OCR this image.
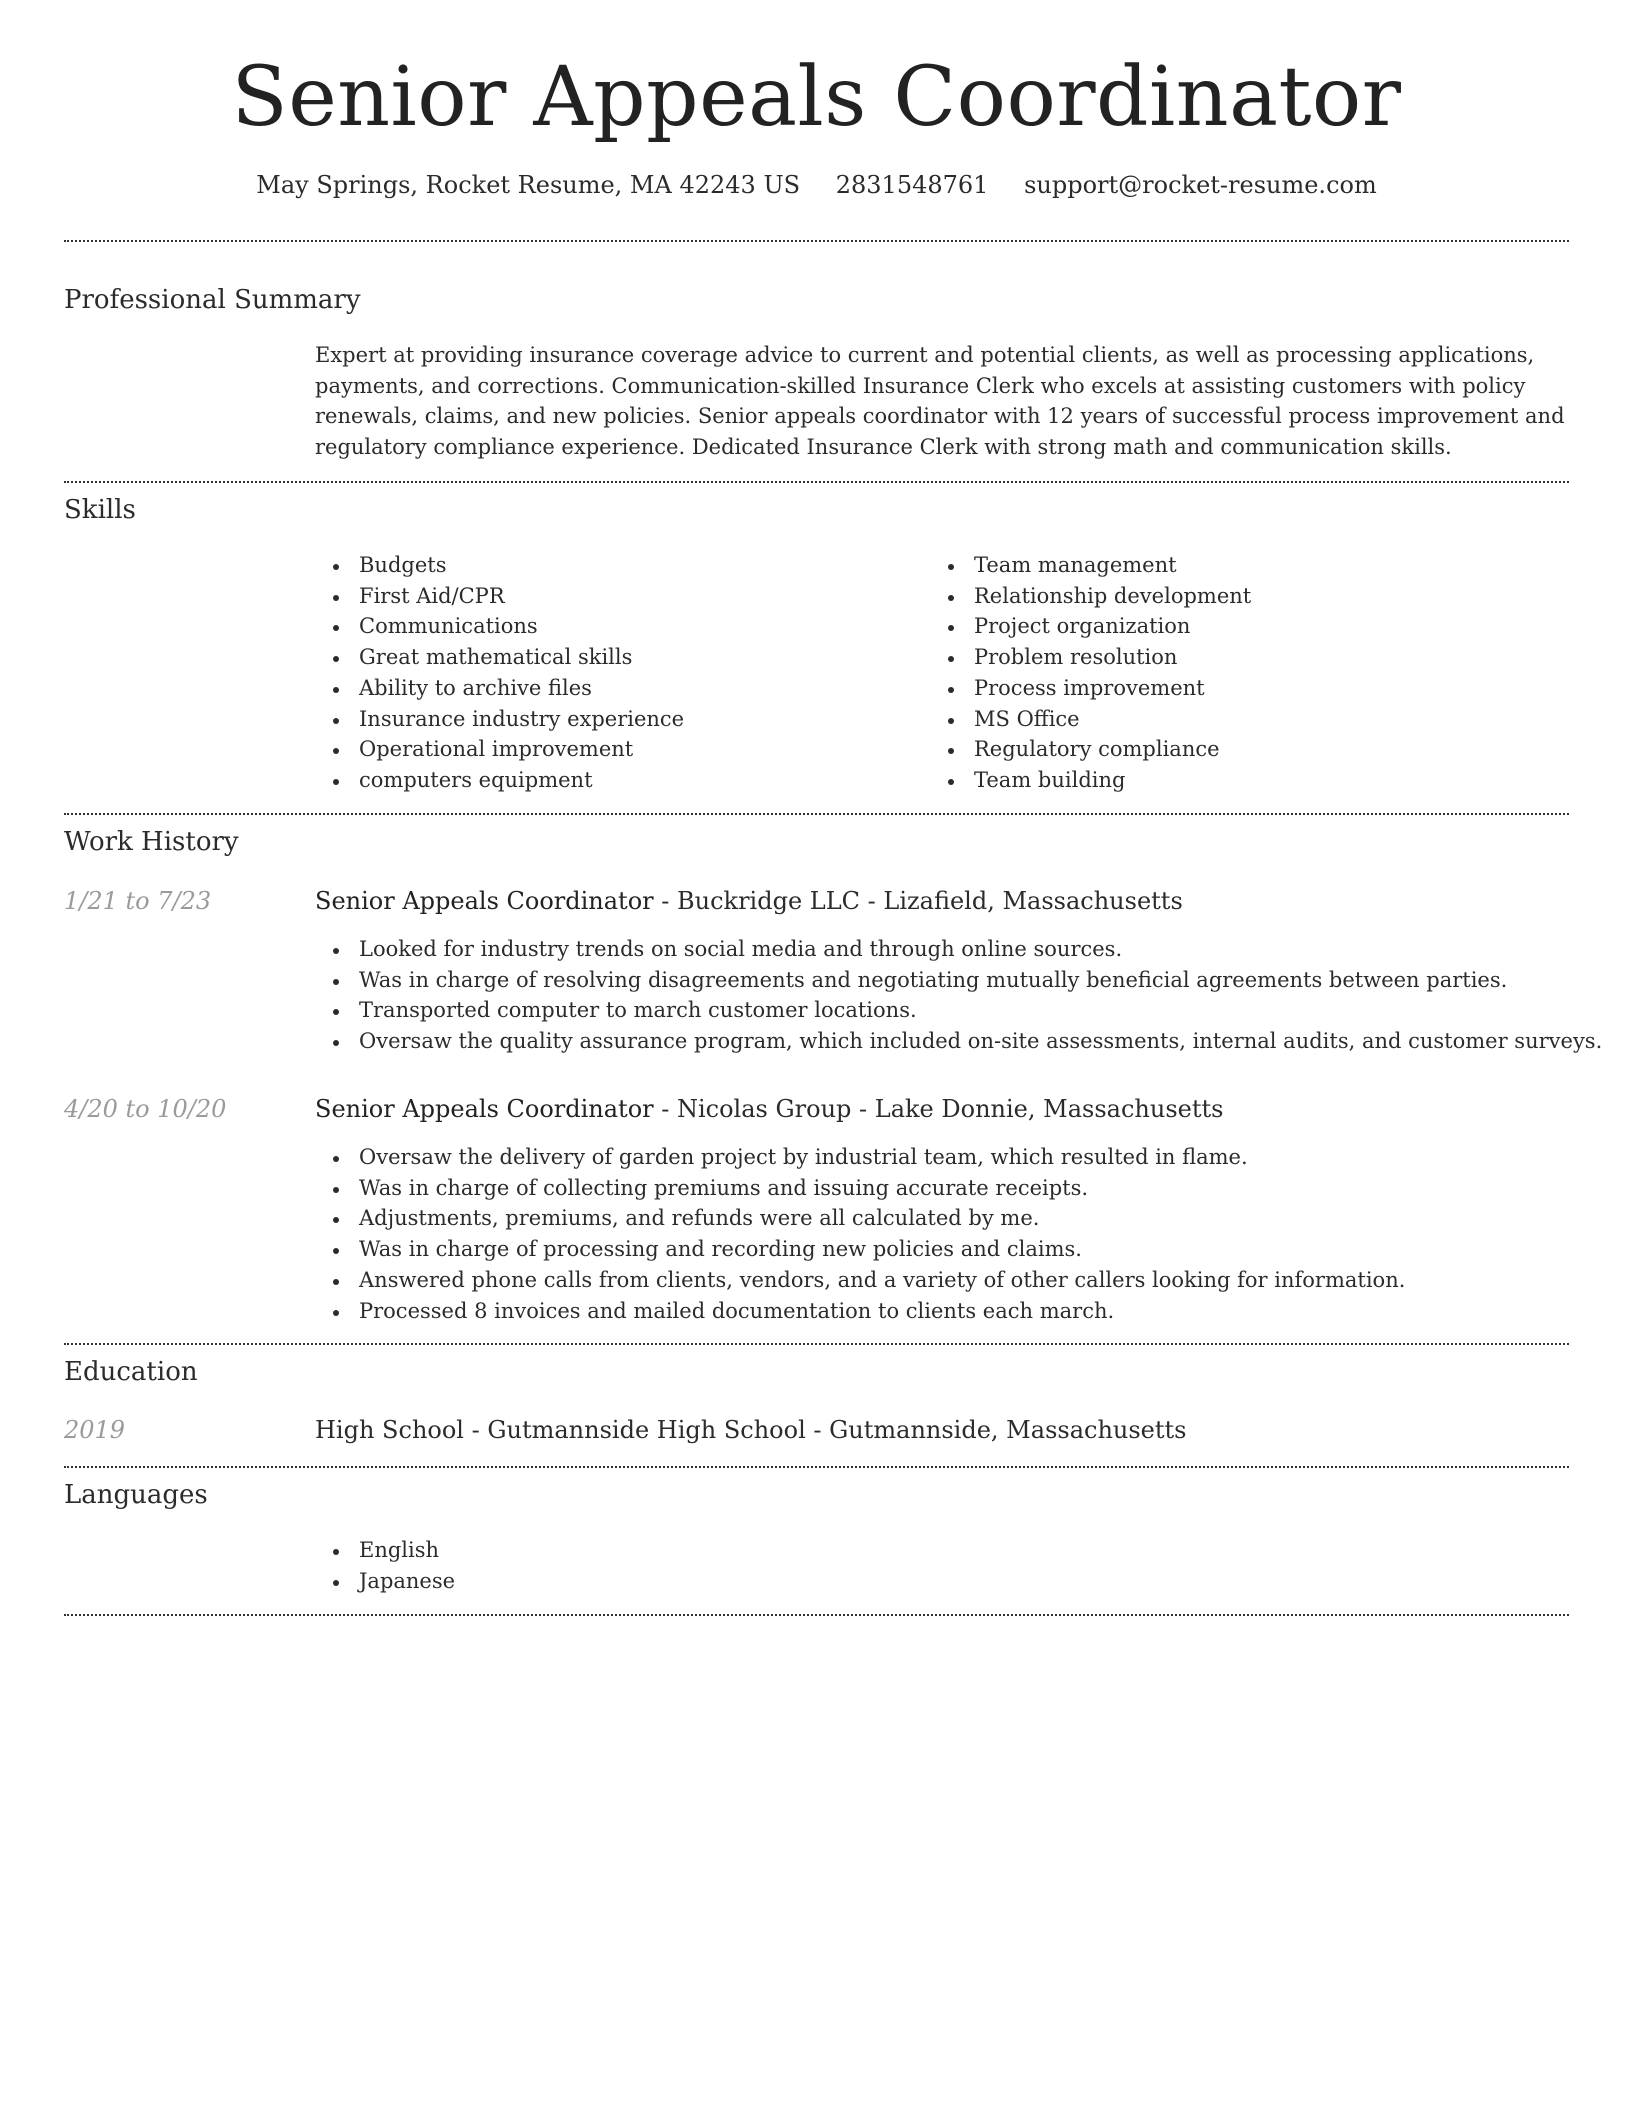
Senior Appeals Coordinator
May Springs, Rocket Resume, MA 42243 US 2831548761 support@rocket-resume.com
Professional Summary

Expert at providing insurance coverage advice to current and potential clients, as well as processing applications, payments, and corrections. Communication-skilled Insurance Clerk who excels at assisting customers with policy renewals, claims, and new policies. Senior appeals coordinator with 12 years of successful process improvement and regulatory compliance experience. Dedicated Insurance Clerk with strong math and communication skills.

Skills
Budgets
First Aid/CPR
Communications
Great mathematical skills
Ability to archive files
Insurance industry experience
Operational improvement
computers equipment
Team management
Relationship development
Project organization
Problem resolution
Process improvement
MS Office
Regulatory compliance
Team building
Work History
1/21 to 7/23	Senior Appeals Coordinator - Buckridge LLC - Lizafield, Massachusetts
Looked for industry trends on social media and through online sources.
Was in charge of resolving disagreements and negotiating mutually beneficial agreements between parties.
Transported computer to march customer locations.
Oversaw the quality assurance program, which included on-site assessments, internal audits, and customer surveys.
4/20 to 10/20	Senior Appeals Coordinator - Nicolas Group - Lake Donnie, Massachusetts
Oversaw the delivery of garden project by industrial team, which resulted in flame.
Was in charge of collecting premiums and issuing accurate receipts.
Adjustments, premiums, and refunds were all calculated by me.
Was in charge of processing and recording new policies and claims.
Answered phone calls from clients, vendors, and a variety of other callers looking for information.
Processed 8 invoices and mailed documentation to clients each march.
Education
2019	High School - Gutmannside High School - Gutmannside, Massachusetts
Languages
English
Japanese
